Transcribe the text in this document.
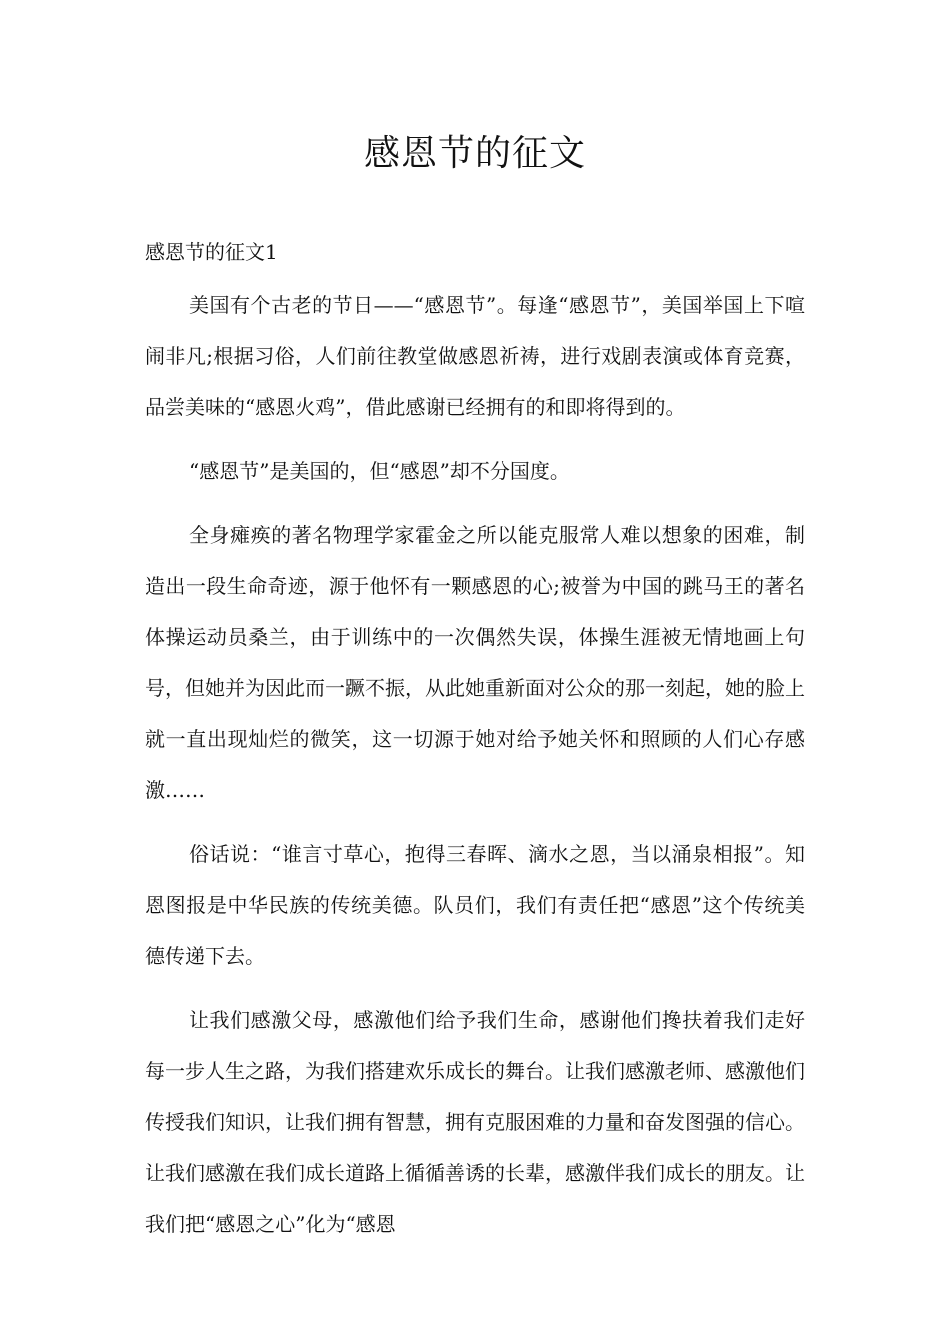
感恩节的征文
感恩节的征文1

美国有个古老的节日——“感恩节”。每逢“感恩节”，美国举国上下喧闹非凡;根据习俗，人们前往教堂做感恩祈祷，进行戏剧表演或体育竞赛，品尝美味的“感恩火鸡”，借此感谢已经拥有的和即将得到的。

“感恩节”是美国的，但“感恩”却不分国度。

全身瘫痪的著名物理学家霍金之所以能克服常人难以想象的困难，制造出一段生命奇迹，源于他怀有一颗感恩的心;被誉为中国的跳马王的著名体操运动员桑兰，由于训练中的一次偶然失误，体操生涯被无情地画上句号，但她并为因此而一蹶不振，从此她重新面对公众的那一刻起，她的脸上就一直出现灿烂的微笑，这一切源于她对给予她关怀和照顾的人们心存感激……

俗话说：“谁言寸草心，抱得三春晖、滴水之恩，当以涌泉相报”。知恩图报是中华民族的传统美德。队员们，我们有责任把“感恩”这个传统美德传递下去。

让我们感激父母，感激他们给予我们生命，感谢他们搀扶着我们走好每一步人生之路，为我们搭建欢乐成长的舞台。让我们感激老师、感激他们传授我们知识，让我们拥有智慧，拥有克服困难的力量和奋发图强的信心。让我们感激在我们成长道路上循循善诱的长辈，感激伴我们成长的朋友。让我们把“感恩之心”化为“感恩
